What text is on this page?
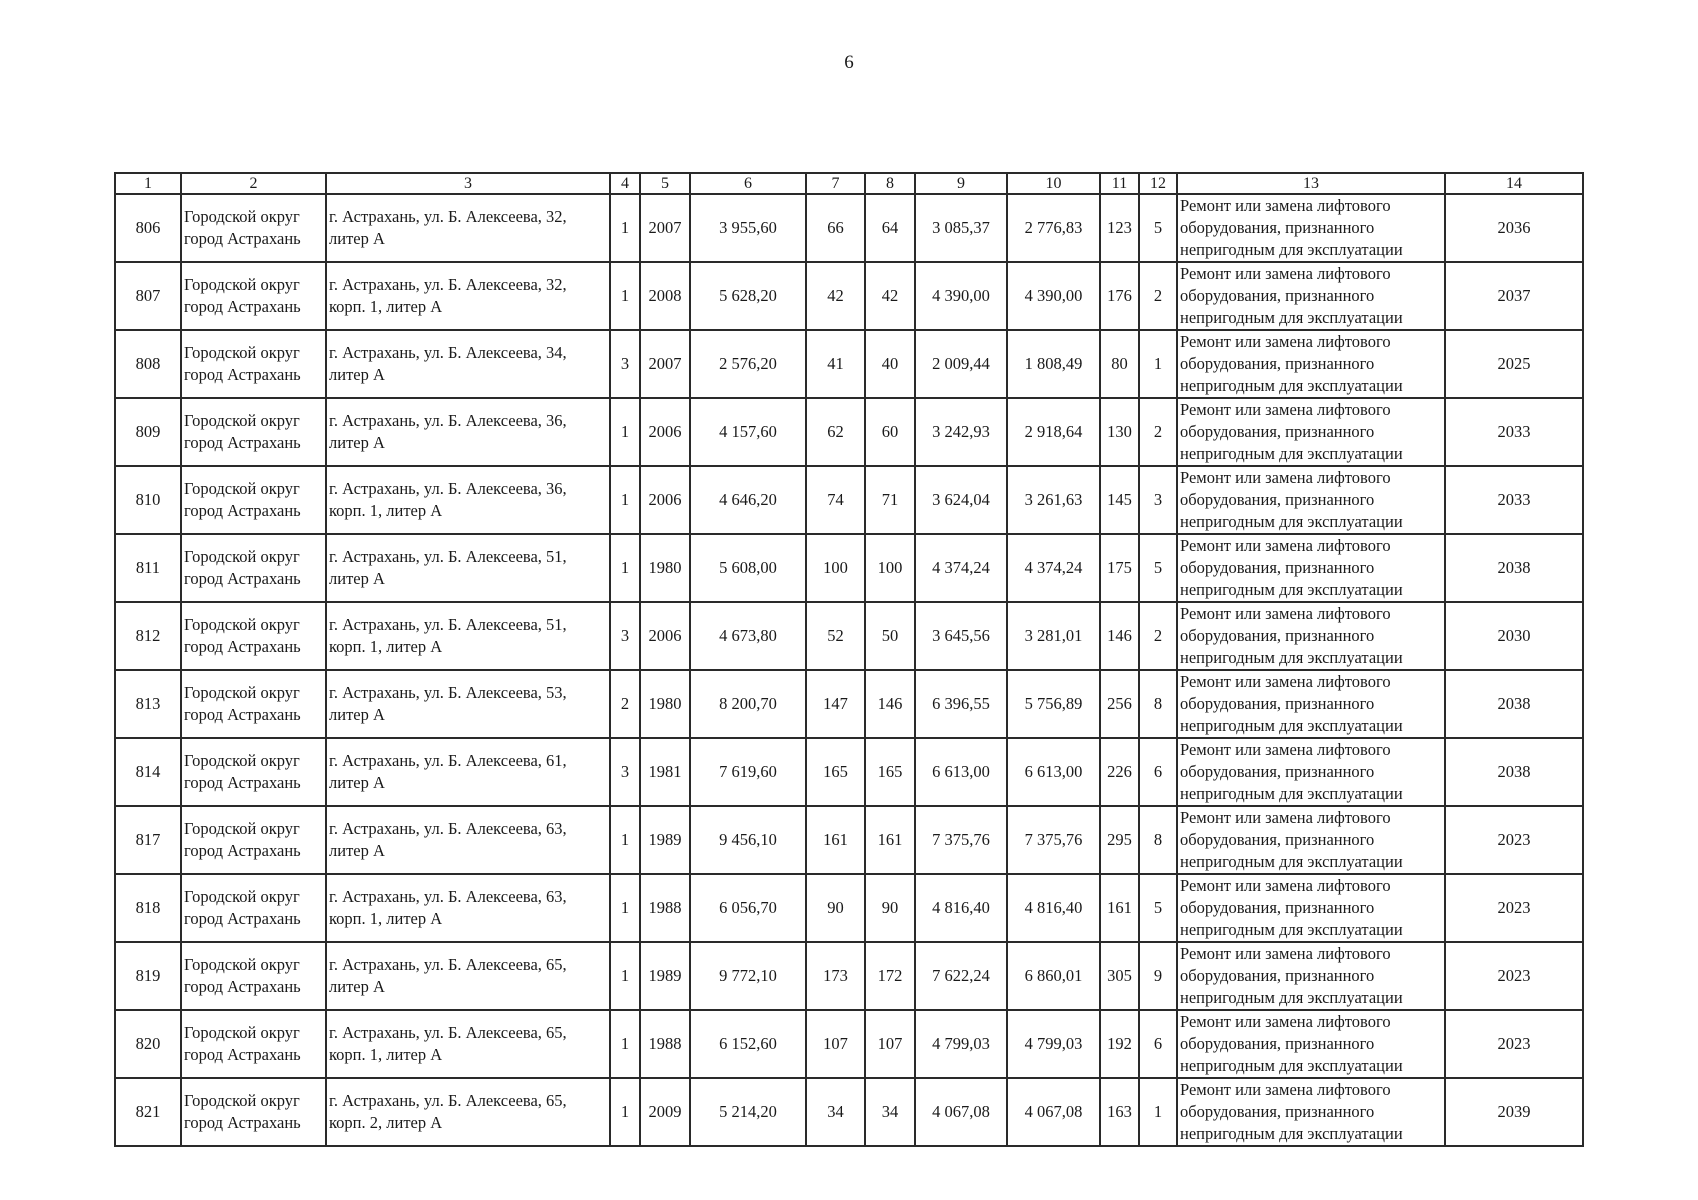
6
1	2	3	4	5	6	7	8	9	10	11	12	13	14
806	Городской округ город Астрахань	г. Астрахань, ул. Б. Алексеева, 32, литер А	1	2007	3 955,60	66	64	3 085,37	2 776,83	123	5	Ремонт или замена лифтового оборудования, признанного непригодным для эксплуатации	2036
807	Городской округ город Астрахань	г. Астрахань, ул. Б. Алексеева, 32, корп. 1, литер А	1	2008	5 628,20	42	42	4 390,00	4 390,00	176	2	Ремонт или замена лифтового оборудования, признанного непригодным для эксплуатации	2037
808	Городской округ город Астрахань	г. Астрахань, ул. Б. Алексеева, 34, литер А	3	2007	2 576,20	41	40	2 009,44	1 808,49	80	1	Ремонт или замена лифтового оборудования, признанного непригодным для эксплуатации	2025
809	Городской округ город Астрахань	г. Астрахань, ул. Б. Алексеева, 36, литер А	1	2006	4 157,60	62	60	3 242,93	2 918,64	130	2	Ремонт или замена лифтового оборудования, признанного непригодным для эксплуатации	2033
810	Городской округ город Астрахань	г. Астрахань, ул. Б. Алексеева, 36, корп. 1, литер А	1	2006	4 646,20	74	71	3 624,04	3 261,63	145	3	Ремонт или замена лифтового оборудования, признанного непригодным для эксплуатации	2033
811	Городской округ город Астрахань	г. Астрахань, ул. Б. Алексеева, 51, литер А	1	1980	5 608,00	100	100	4 374,24	4 374,24	175	5	Ремонт или замена лифтового оборудования, признанного непригодным для эксплуатации	2038
812	Городской округ город Астрахань	г. Астрахань, ул. Б. Алексеева, 51, корп. 1, литер А	3	2006	4 673,80	52	50	3 645,56	3 281,01	146	2	Ремонт или замена лифтового оборудования, признанного непригодным для эксплуатации	2030
813	Городской округ город Астрахань	г. Астрахань, ул. Б. Алексеева, 53, литер А	2	1980	8 200,70	147	146	6 396,55	5 756,89	256	8	Ремонт или замена лифтового оборудования, признанного непригодным для эксплуатации	2038
814	Городской округ город Астрахань	г. Астрахань, ул. Б. Алексеева, 61, литер А	3	1981	7 619,60	165	165	6 613,00	6 613,00	226	6	Ремонт или замена лифтового оборудования, признанного непригодным для эксплуатации	2038
817	Городской округ город Астрахань	г. Астрахань, ул. Б. Алексеева, 63, литер А	1	1989	9 456,10	161	161	7 375,76	7 375,76	295	8	Ремонт или замена лифтового оборудования, признанного непригодным для эксплуатации	2023
818	Городской округ город Астрахань	г. Астрахань, ул. Б. Алексеева, 63, корп. 1, литер А	1	1988	6 056,70	90	90	4 816,40	4 816,40	161	5	Ремонт или замена лифтового оборудования, признанного непригодным для эксплуатации	2023
819	Городской округ город Астрахань	г. Астрахань, ул. Б. Алексеева, 65, литер А	1	1989	9 772,10	173	172	7 622,24	6 860,01	305	9	Ремонт или замена лифтового оборудования, признанного непригодным для эксплуатации	2023
820	Городской округ город Астрахань	г. Астрахань, ул. Б. Алексеева, 65, корп. 1, литер А	1	1988	6 152,60	107	107	4 799,03	4 799,03	192	6	Ремонт или замена лифтового оборудования, признанного непригодным для эксплуатации	2023
821	Городской округ город Астрахань	г. Астрахань, ул. Б. Алексеева, 65, корп. 2, литер А	1	2009	5 214,20	34	34	4 067,08	4 067,08	163	1	Ремонт или замена лифтового оборудования, признанного непригодным для эксплуатации	2039
